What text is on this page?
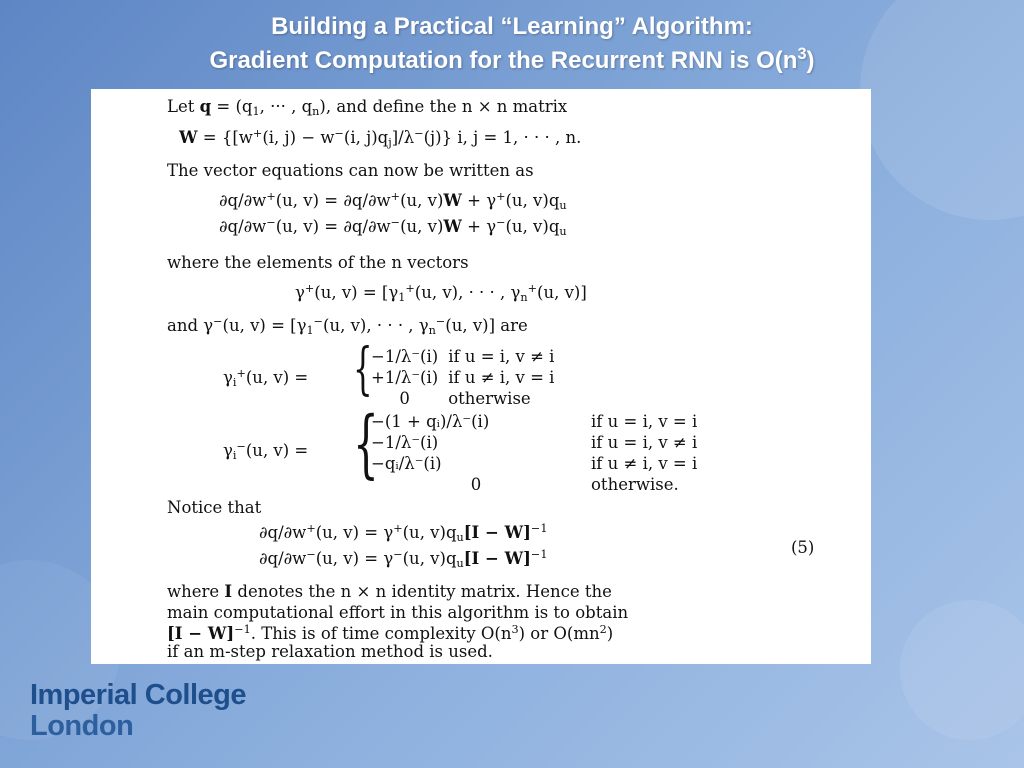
Building a Practical “Learning” Algorithm:
Gradient Computation for the Recurrent RNN is $O(n^3)$
Let $q = (q_1$, ··· , $q_n$), and define the n × n matrix
W = {[w+(i, j) − w−(i, $j)q_j]/\lambda^-(j)$} i, j = 1, · · · , n.
The vector equations can now be written as
∂q/∂w+(u, v) = ∂q/∂w+(u, v)W + γ+(u, $v)q_u$
∂q/∂w−(u, v) = ∂q/∂w−(u, v)W + γ−(u, $v)q_u$
where the elements of the n vectors
γ+(u, $v) = [\gamma_1^+(u$, v), · · · , $\gamma_n^+(u$, v)]
and γ−(u, $v) = [\gamma_1^-(u$, v), · · · , $\gamma_n^-(u$, v)] are
$\gamma_i^+(u$, v) = {
−1/λ⁻(i)	if u = i, v ≠ i
+1/λ⁻(i)	if u ≠ i, v = i
0	otherwise
$\gamma_i^-(u$, v) = {
−(1 + qᵢ)/λ⁻(i)	if u = i, v = i
−1/λ⁻(i)	if u = i, v ≠ i
−qᵢ/λ⁻(i)	if u ≠ i, v = i
0	otherwise.
Notice that
∂q/∂w+(u, v) = γ+(u, $v)q_u[I - W]^{-1}$
∂q/∂w−(u, v) = γ−(u, $v)q_u[I - W]^{-1}$	(5)
where I denotes the n × n identity matrix. Hence the
main computational effort in this algorithm is to obtain
$[I - W]^{-1}$. This is of time complexity $O(n^3)$ or $O(mn^2)$
if an m-step relaxation method is used.
Imperial College
London
